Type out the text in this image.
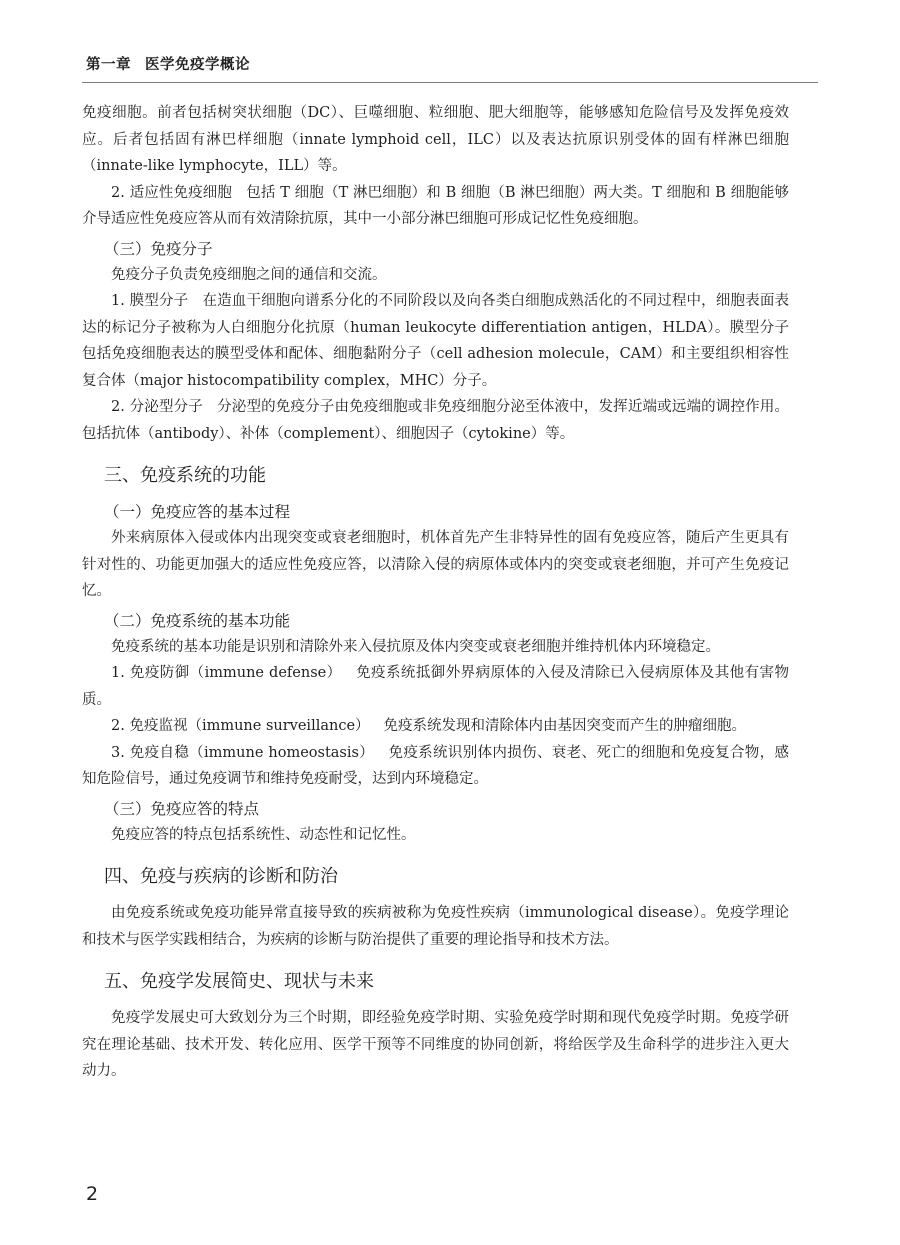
第一章 医学免疫学概论

免疫细胞。前者包括树突状细胞（DC）、巨噬细胞、粒细胞、肥大细胞等，能够感知危险信号及发挥免疫效应。后者包括固有淋巴样细胞（innate lymphoid cell，ILC）以及表达抗原识别受体的固有样淋巴细胞（innate-like lymphocyte，ILL）等。

2. 适应性免疫细胞 包括 T 细胞（T 淋巴细胞）和 B 细胞（B 淋巴细胞）两大类。T 细胞和 B 细胞能够介导适应性免疫应答从而有效清除抗原，其中一小部分淋巴细胞可形成记忆性免疫细胞。

（三）免疫分子

免疫分子负责免疫细胞之间的通信和交流。

1. 膜型分子 在造血干细胞向谱系分化的不同阶段以及向各类白细胞成熟活化的不同过程中，细胞表面表达的标记分子被称为人白细胞分化抗原（human leukocyte differentiation antigen，HLDA）。膜型分子包括免疫细胞表达的膜型受体和配体、细胞黏附分子（cell adhesion molecule，CAM）和主要组织相容性复合体（major histocompatibility complex，MHC）分子。

2. 分泌型分子 分泌型的免疫分子由免疫细胞或非免疫细胞分泌至体液中，发挥近端或远端的调控作用。包括抗体（antibody）、补体（complement）、细胞因子（cytokine）等。

三、免疫系统的功能
（一）免疫应答的基本过程

外来病原体入侵或体内出现突变或衰老细胞时，机体首先产生非特异性的固有免疫应答，随后产生更具有针对性的、功能更加强大的适应性免疫应答，以清除入侵的病原体或体内的突变或衰老细胞，并可产生免疫记忆。

（二）免疫系统的基本功能

免疫系统的基本功能是识别和清除外来入侵抗原及体内突变或衰老细胞并维持机体内环境稳定。

1. 免疫防御（immune defense） 免疫系统抵御外界病原体的入侵及清除已入侵病原体及其他有害物质。

2. 免疫监视（immune surveillance） 免疫系统发现和清除体内由基因突变而产生的肿瘤细胞。

3. 免疫自稳（immune homeostasis） 免疫系统识别体内损伤、衰老、死亡的细胞和免疫复合物，感知危险信号，通过免疫调节和维持免疫耐受，达到内环境稳定。

（三）免疫应答的特点

免疫应答的特点包括系统性、动态性和记忆性。

四、免疫与疾病的诊断和防治

由免疫系统或免疫功能异常直接导致的疾病被称为免疫性疾病（immunological disease）。免疫学理论和技术与医学实践相结合，为疾病的诊断与防治提供了重要的理论指导和技术方法。

五、免疫学发展简史、现状与未来

免疫学发展史可大致划分为三个时期，即经验免疫学时期、实验免疫学时期和现代免疫学时期。免疫学研究在理论基础、技术开发、转化应用、医学干预等不同维度的协同创新，将给医学及生命科学的进步注入更大动力。

2
